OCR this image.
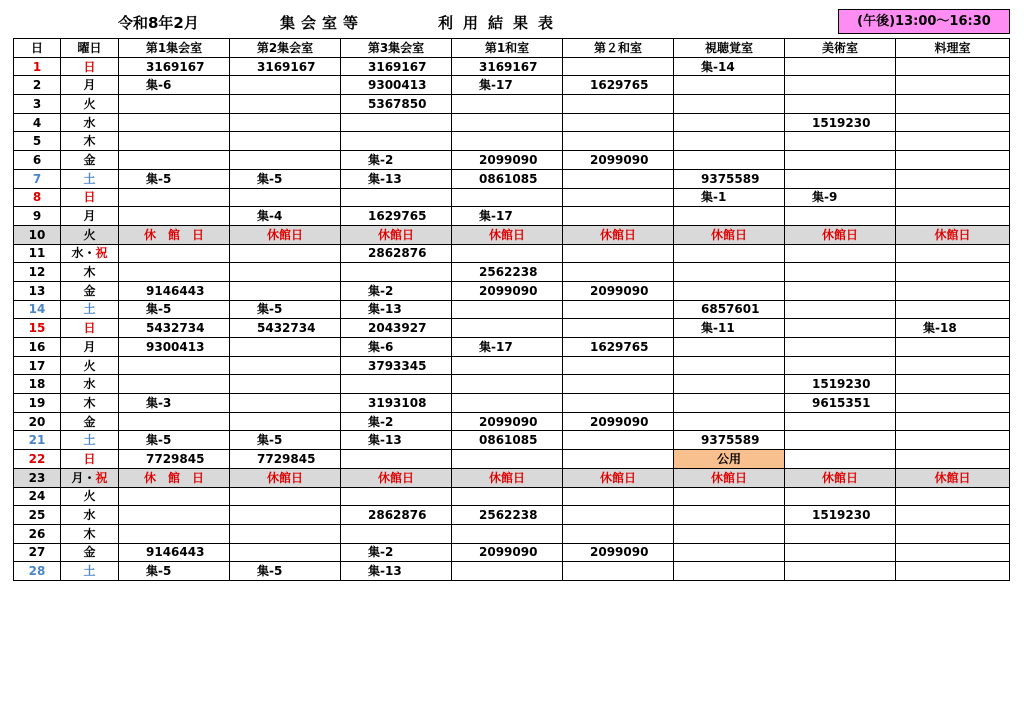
令和8年2月	集会室等	利用結果表	(午後)13:00～16:30
日	曜日	第1集会室	第2集会室	第3集会室	第1和室	第２和室	視聴覚室	美術室	料理室
1	日	3169167	3169167	3169167	3169167		集-14		
2	月	集-6		9300413	集-17	1629765			
3	火			5367850					
4	水							1519230	
5	木								
6	金			集-2	2099090	2099090			
7	土	集-5	集-5	集-13	0861085		9375589		
8	日						集-1	集-9	
9	月		集-4	1629765	集-17				
10	火	休　館　日	休館日	休館日	休館日	休館日	休館日	休館日	休館日
11	水・祝			2862876					
12	木				2562238				
13	金	9146443		集-2	2099090	2099090			
14	土	集-5	集-5	集-13			6857601		
15	日	5432734	5432734	2043927			集-11		集-18
16	月	9300413		集-6	集-17	1629765			
17	火			3793345					
18	水							1519230	
19	木	集-3		3193108				9615351	
20	金			集-2	2099090	2099090			
21	土	集-5	集-5	集-13	0861085		9375589		
22	日	7729845	7729845				公用		
23	月・祝	休　館　日	休館日	休館日	休館日	休館日	休館日	休館日	休館日
24	火								
25	水			2862876	2562238			1519230	
26	木								
27	金	9146443		集-2	2099090	2099090			
28	土	集-5	集-5	集-13					
